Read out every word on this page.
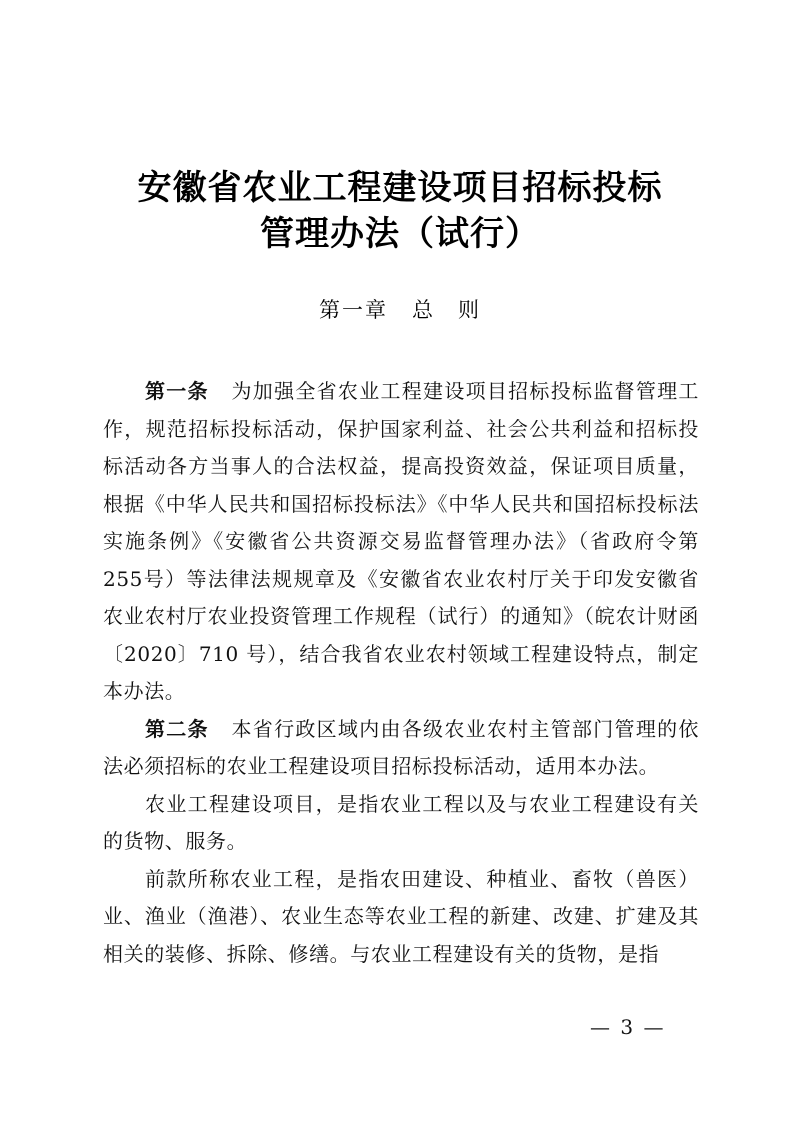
安徽省农业工程建设项目招标投标
管理办法（试行）
第一章 总　则

第一条 为加强全省农业工程建设项目招标投标监督管理工作，规范招标投标活动，保护国家利益、社会公共利益和招标投标活动各方当事人的合法权益，提高投资效益，保证项目质量，根据《中华人民共和国招标投标法》《中华人民共和国招标投标法实施条例》《安徽省公共资源交易监督管理办法》（省政府令第255号）等法律法规规章及《安徽省农业农村厅关于印发安徽省农业农村厅农业投资管理工作规程（试行）的通知》（皖农计财函〔2020〕710 号），结合我省农业农村领域工程建设特点，制定本办法。

第二条 本省行政区域内由各级农业农村主管部门管理的依法必须招标的农业工程建设项目招标投标活动，适用本办法。

农业工程建设项目，是指农业工程以及与农业工程建设有关的货物、服务。

前款所称农业工程，是指农田建设、种植业、畜牧（兽医）业、渔业（渔港）、农业生态等农业工程的新建、改建、扩建及其相关的装修、拆除、修缮。与农业工程建设有关的货物，是指

— 3 —
